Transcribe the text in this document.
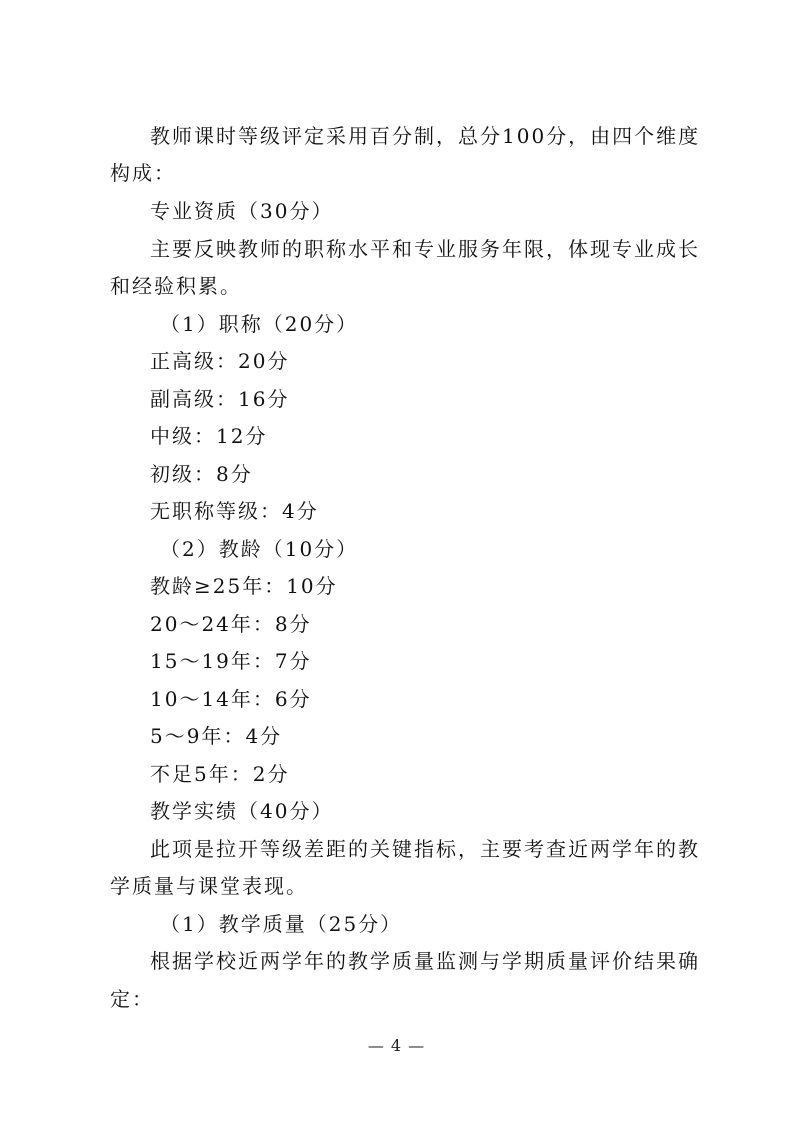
教师课时等级评定采用百分制，总分100分，由四个维度
构成：
专业资质（30分）
主要反映教师的职称水平和专业服务年限，体现专业成长
和经验积累。
（1）职称（20分）
正高级：20分
副高级：16分
中级：12分
初级：8分
无职称等级：4分
（2）教龄（10分）
教龄≥25年：10分
20～24年：8分
15～19年：7分
10～14年：6分
5～9年：4分
不足5年：2分
教学实绩（40分）
此项是拉开等级差距的关键指标，主要考查近两学年的教
学质量与课堂表现。
（1）教学质量（25分）
根据学校近两学年的教学质量监测与学期质量评价结果确
定：
— 4 —
